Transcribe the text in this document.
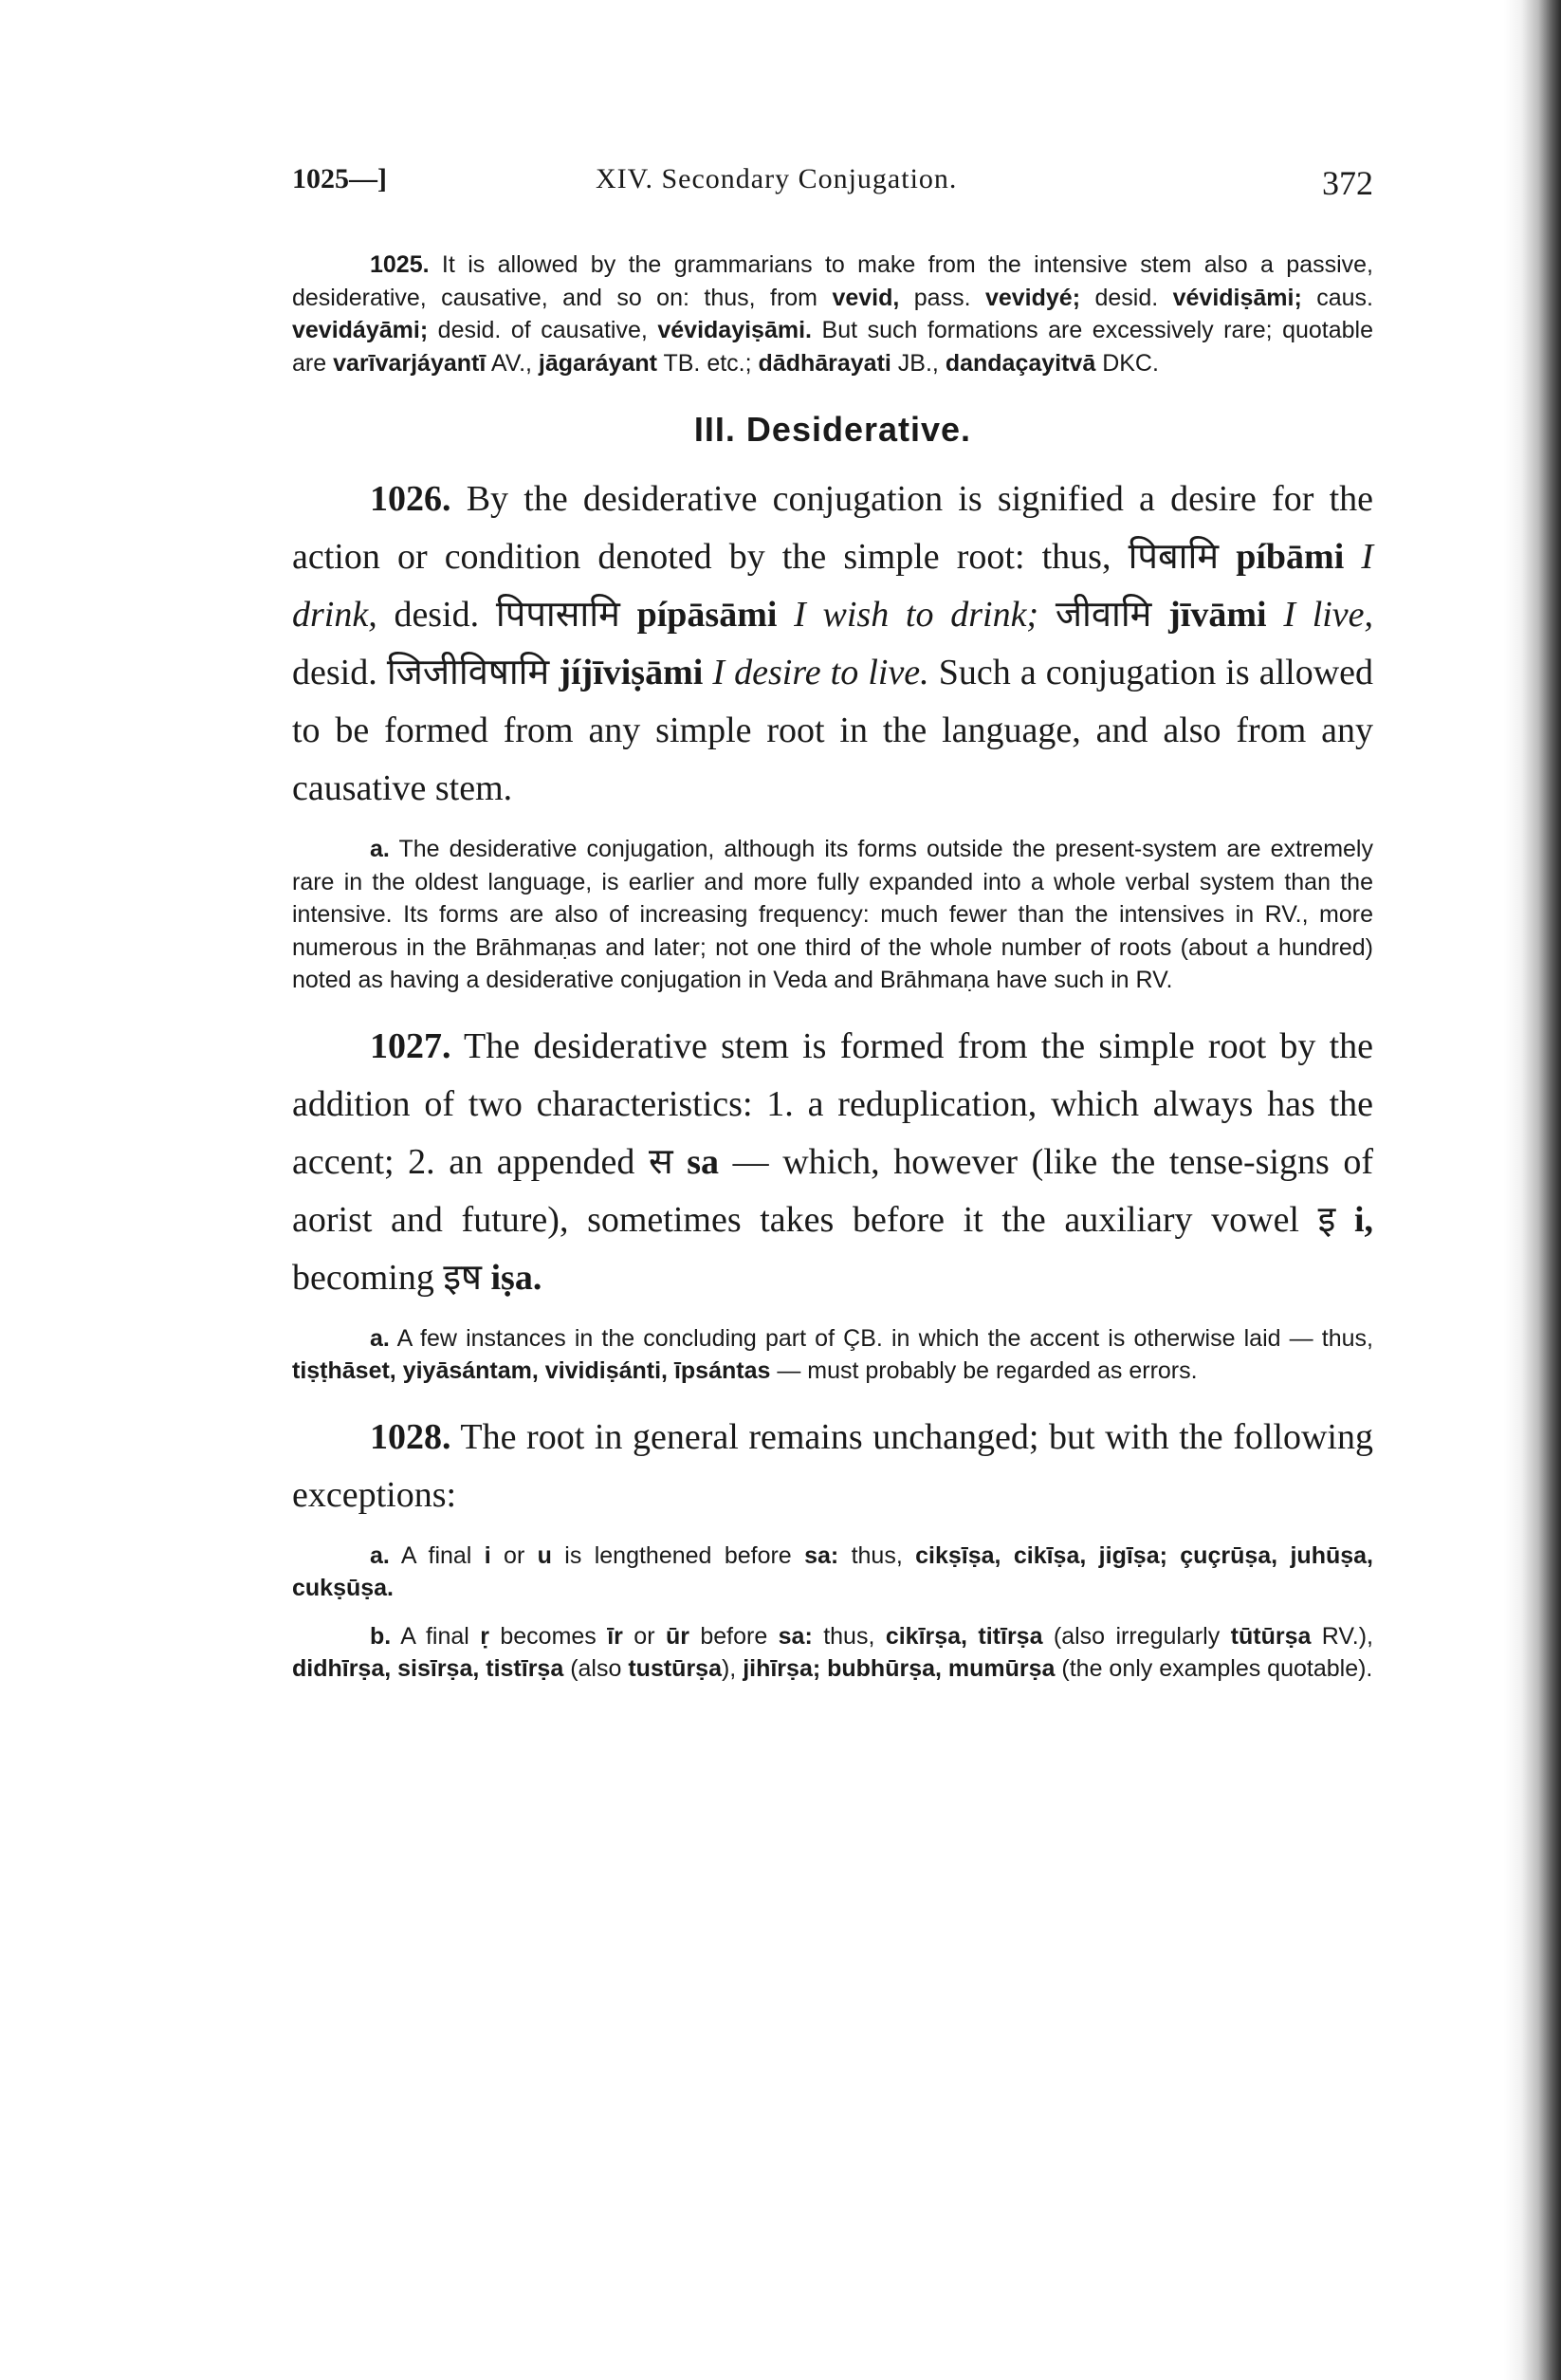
1025—]	XIV. Secondary Conjugation.	372

1025. It is allowed by the grammarians to make from the intensive stem also a passive, desiderative, causative, and so on: thus, from vevid, pass. vevidyé; desid. vévidiṣāmi; caus. vevidáyāmi; desid. of causative, vévidayiṣāmi. But such formations are excessively rare; quotable are varīvarjáyantī AV., jāgaráyant TB. etc.; dādhārayati JB., dandaçayitvā DKC.

III. Desiderative.

1026. By the desiderative conjugation is signified a desire for the action or condition denoted by the simple root: thus, पिबामि píbāmi I drink, desid. पिपासामि pípāsāmi I wish to drink; जीवामि jīvāmi I live, desid. जिजीविषामि jíjīviṣāmi I desire to live. Such a conjugation is allowed to be formed from any simple root in the language, and also from any causative stem.

a. The desiderative conjugation, although its forms outside the present-system are extremely rare in the oldest language, is earlier and more fully expanded into a whole verbal system than the intensive. Its forms are also of increasing frequency: much fewer than the intensives in RV., more numerous in the Brāhmaṇas and later; not one third of the whole number of roots (about a hundred) noted as having a desiderative conjugation in Veda and Brāhmaṇa have such in RV.

1027. The desiderative stem is formed from the simple root by the addition of two characteristics: 1. a reduplication, which always has the accent; 2. an appended स sa — which, however (like the tense-signs of aorist and future), sometimes takes before it the auxiliary vowel इ i, becoming इष iṣa.

a. A few instances in the concluding part of ÇB. in which the accent is otherwise laid — thus, tiṣṭhāset, yiyāsántam, vividiṣánti, īpsántas — must probably be regarded as errors.

1028. The root in general remains unchanged; but with the following exceptions:

a. A final i or u is lengthened before sa: thus, cikṣīṣa, cikīṣa, jigīṣa; çuçrūṣa, juhūṣa, cukṣūṣa.

b. A final ṛ becomes īr or ūr before sa: thus, cikīrṣa, titīrṣa (also irregularly tūtūrṣa RV.), didhīrṣa, sisīrṣa, tistīrṣa (also tustūrṣa), jihīrṣa; bubhūrṣa, mumūrṣa (the only examples quotable).
